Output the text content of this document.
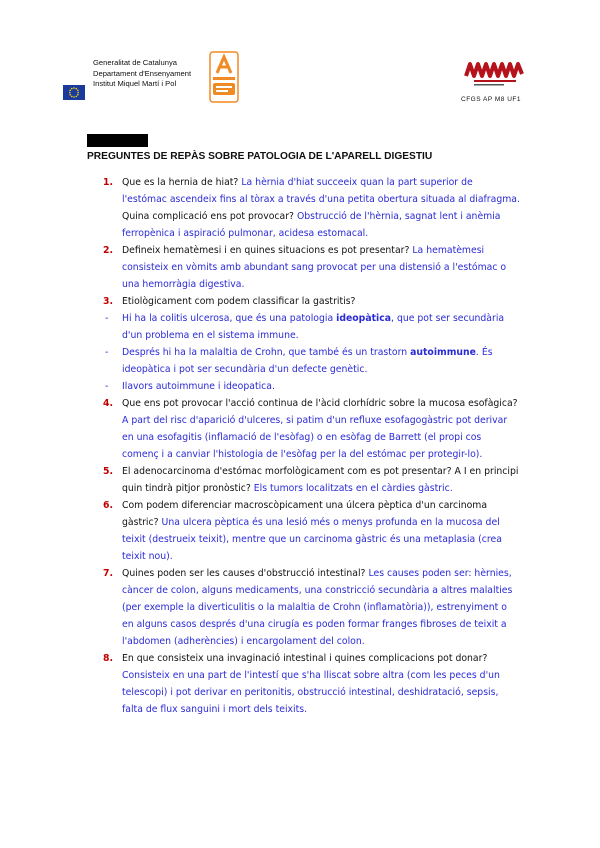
Generalitat de Catalunya
Departament d'Ensenyament
Institut Miquel Martí i Pol
CFGS AP M8 UF1
PREGUNTES DE REPÀS SOBRE PATOLOGIA DE L'APARELL DIGESTIU
1. Que es la hernia de hiat? La hèrnia d'hiat succeeix quan la part superior de l'estómac ascendeix fins al tòrax a través d'una petita obertura situada al diafragma.

Quina complicació ens pot provocar? Obstrucció de l'hèrnia, sagnat lent i anèmia ferropènica i aspiració pulmonar, acidesa estomacal.

2. Defineix hematèmesi i en quines situacions es pot presentar? La hematèmesi consisteix en vòmits amb abundant sang provocat per una distensió a l'estómac o una hemorràgia digestiva.

3. Etiològicament com podem classificar la gastritis?

- Hi ha la colitis ulcerosa, que és una patologia ideopàtica, que pot ser secundària d'un problema en el sistema immune.

- Després hi ha la malaltia de Crohn, que també és un trastorn autoimmune. És ideopàtica i pot ser secundària d'un defecte genètic.

- Ilavors autoimmune i ideopatica.

4. Que ens pot provocar l'acció continua de l'àcid clorhídric sobre la mucosa esofàgica? A part del risc d'aparició d'ulceres, si patim d'un refluxe esofagogàstric pot derivar en una esofagitis (inflamació de l'esòfag) o en esòfag de Barrett (el propi cos començ i a canviar l'histologia de l'esòfag per la del estómac per protegir-lo).

5. El adenocarcinoma d'estómac morfològicament com es pot presentar? A I en principi quin tindrà pitjor pronòstic? Els tumors localitzats en el càrdies gàstric.

6. Com podem diferenciar macroscòpicament una úlcera pèptica d'un carcinoma gàstric? Una ulcera pèptica és una lesió més o menys profunda en la mucosa del teixit (destrueix teixit), mentre que un carcinoma gàstric és una metaplasia (crea teixit nou).

7. Quines poden ser les causes d'obstrucció intestinal? Les causes poden ser: hèrnies, càncer de colon, alguns medicaments, una constricció secundària a altres malalties (per exemple la diverticulitis o la malaltia de Crohn (inflamatòria)), estrenyiment o en alguns casos després d'una cirugía es poden formar franges fibroses de teixit a l'abdomen (adherències) i encargolament del colon.

8. En que consisteix una invaginació intestinal i quines complicacions pot donar? Consisteix en una part de l'intestí que s'ha lliscat sobre altra (com les peces d'un telescopi) i pot derivar en peritonitis, obstrucció intestinal, deshidratació, sepsis, falta de flux sanguini i mort dels teixits.
